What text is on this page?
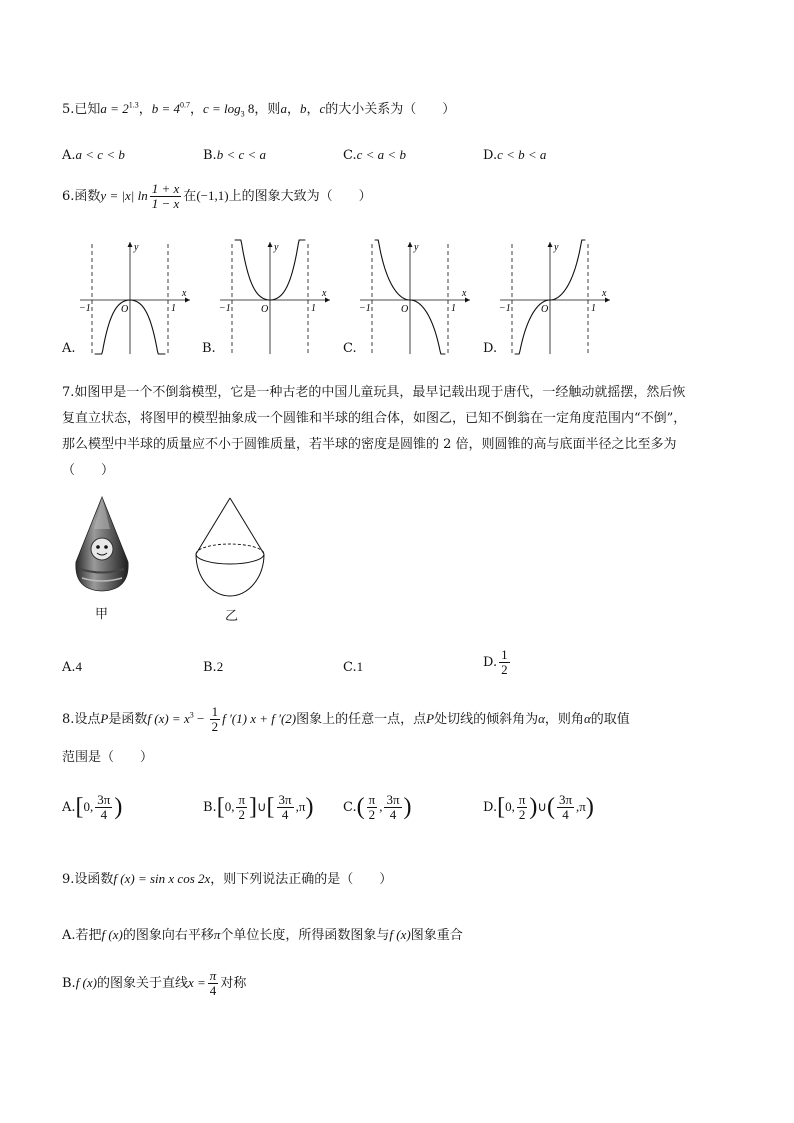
5.已知$a = 2^{1.3}$，$b = 4^{0.7}$，$c = \log_3 8$，则a，b，c的大小关系为（　　）
A.a < c < b	B.b < c < a	C.c < a < b	D.c < b < a
6.函数y = |x| $\ln \frac{1 + x}{1 - x}$ 在(−1,1)上的图象大致为（　　）
y
x
O
−1	1
y
x
O
−1	1
y
x
O
−1	1
y
x
O
−1	1
A.	B.	C.	D.
7.如图甲是一个不倒翁模型，它是一种古老的中国儿童玩具，最早记载出现于唐代，一经触动就摇摆，然后恢
复直立状态，将图甲的模型抽象成一个圆锥和半球的组合体，如图乙，已知不倒翁在一定角度范围内“不倒”，
那么模型中半球的质量应不小于圆锥质量，若半球的密度是圆锥的 2 倍，则圆锥的高与底面半径之比至多为
（　　）
甲	乙
A.4	B.2	C.1	D. $\frac{1}{2}$
8.设点P是函数f $(x) = x^3 - \frac{1}{2}$ f ′(1) x + f ′(2)图象上的任意一点，点P处切线的倾斜角为α，则角α的取值
范围是（　　）
A.[0, $\frac{3\pi}{4}$ )	B.[0, $\frac{\pi}{2}$ ]∪[ $\frac{3\pi}{4} ,\pi$) $C.( \frac{\pi}{2}$ , $\frac{3\pi}{4}$ )	D.[0, $\frac{\pi}{2}$ )∪( $\frac{3\pi}{4} ,\pi$)
9.设函数f (x) = sin x cos 2x，则下列说法正确的是（　　）
A.若把f (x)的图象向右平移π个单位长度，所得函数图象与f (x)图象重合
B.f (x)的图象关于直线$x = \frac{\pi}{4}$ 对称
